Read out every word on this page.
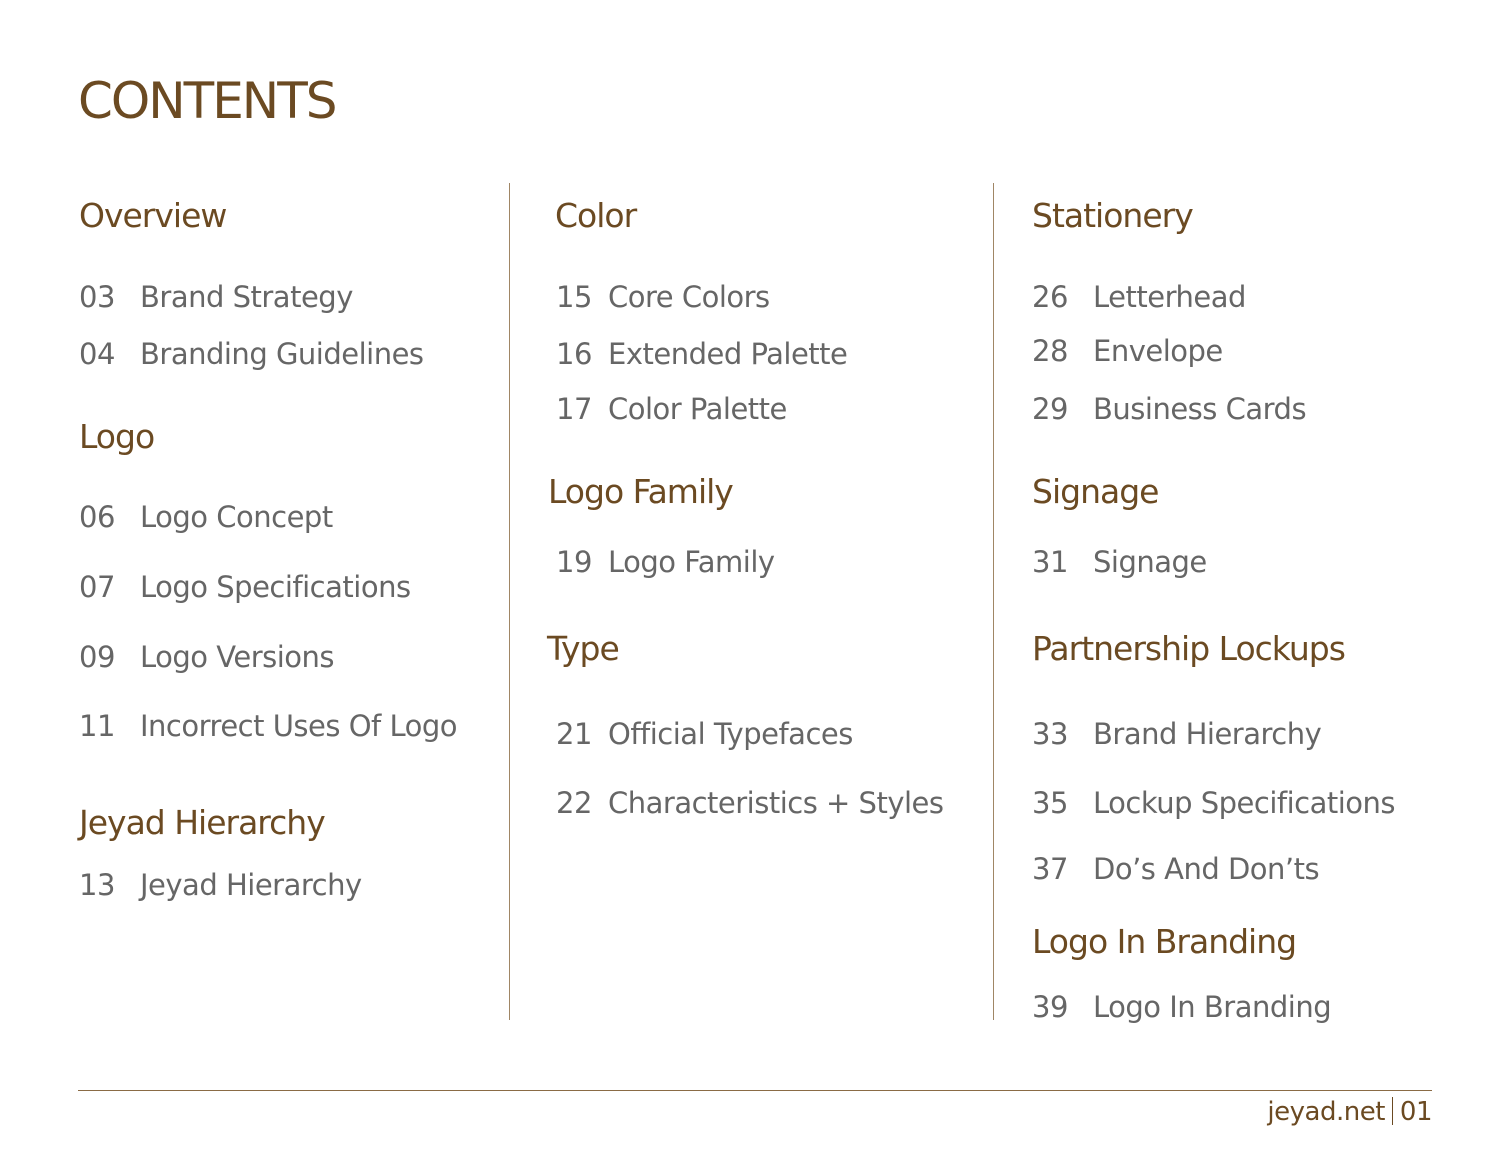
CONTENTS
Overview
03 Brand Strategy
04 Branding Guidelines
Logo
06 Logo Concept
07 Logo Specifications
09 Logo Versions
11 Incorrect Uses Of Logo
Jeyad Hierarchy
13 Jeyad Hierarchy
Color
15 Core Colors
16 Extended Palette
17 Color Palette
Logo Family
19 Logo Family
Type
21 Official Typefaces
22 Characteristics + Styles
Stationery
26 Letterhead
28 Envelope
29 Business Cards
Signage
31 Signage
Partnership Lockups
33 Brand Hierarchy
35 Lockup Specifications
37 Do’s And Don’ts
Logo In Branding
39 Logo In Branding
jeyad.net 01
